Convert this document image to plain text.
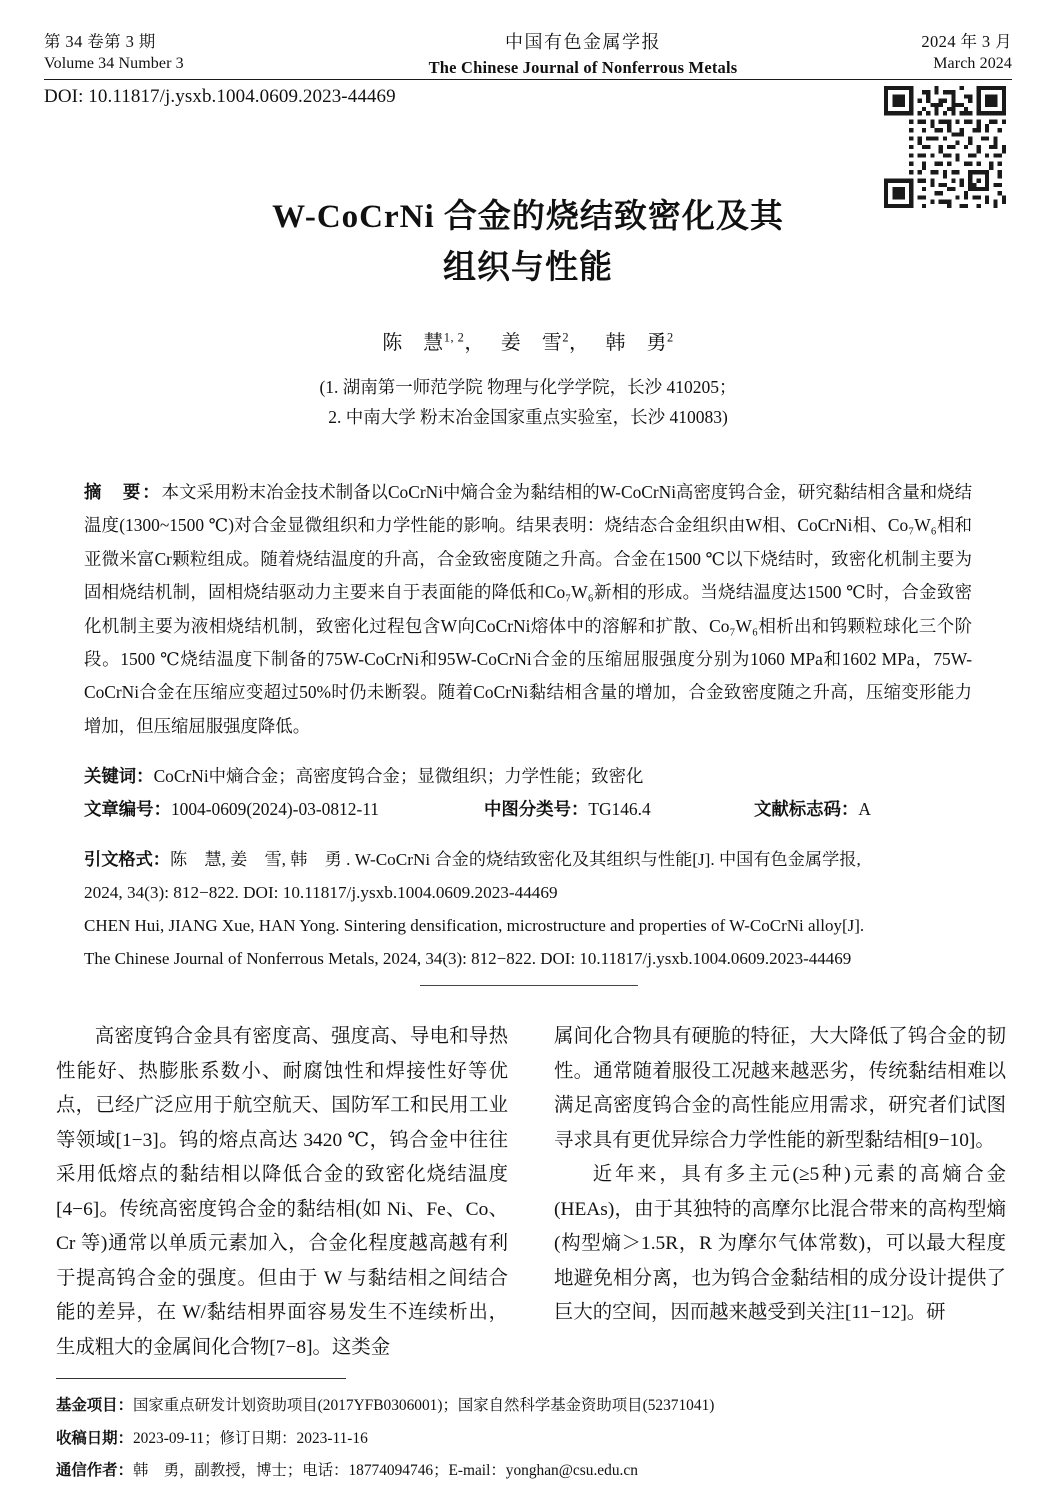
第 34 卷第 3 期
Volume 34 Number 3
中国有色金属学报
The Chinese Journal of Nonferrous Metals
2024 年 3 月
March 2024
DOI: 10.11817/j.ysxb.1004.0609.2023-44469
W-CoCrNi 合金的烧结致密化及其
组织与性能
陈　慧$^{1, 2}$， 姜　雪$^2$， 韩　勇$^2$
(1. 湖南第一师范学院 物理与化学学院，长沙 410205；
2. 中南大学 粉末冶金国家重点实验室，长沙 410083)
摘　要：本文采用粉末冶金技术制备以CoCrNi中熵合金为黏结相的W-CoCrNi高密度钨合金，研究黏结相含量和烧结温度(1300~1500 ℃)对合金显微组织和力学性能的影响。结果表明：烧结态合金组织由W相、CoCrNi相、Co₇W₆相和亚微米富Cr颗粒组成。随着烧结温度的升高，合金致密度随之升高。合金在1500 ℃以下烧结时，致密化机制主要为固相烧结机制，固相烧结驱动力主要来自于表面能的降低和Co₇W₆新相的形成。当烧结温度达1500 ℃时，合金致密化机制主要为液相烧结机制，致密化过程包含W向CoCrNi熔体中的溶解和扩散、Co₇W₆相析出和钨颗粒球化三个阶段。1500 ℃烧结温度下制备的75W-CoCrNi和95W-CoCrNi合金的压缩屈服强度分别为1060 MPa和1602 MPa，75W-CoCrNi合金在压缩应变超过50%时仍未断裂。随着CoCrNi黏结相含量的增加，合金致密度随之升高，压缩变形能力增加，但压缩屈服强度降低。
关键词：CoCrNi中熵合金；高密度钨合金；显微组织；力学性能；致密化
文章编号：1004-0609(2024)-03-0812-11	中图分类号：TG146.4	文献标志码：A
引文格式：陈　慧, 姜　雪, 韩　勇 . W-CoCrNi 合金的烧结致密化及其组织与性能[J]. 中国有色金属学报,
2024, 34(3): 812−822. DOI: 10.11817/j.ysxb.1004.0609.2023-44469
CHEN Hui, JIANG Xue, HAN Yong. Sintering densification, microstructure and properties of W-CoCrNi alloy[J].
The Chinese Journal of Nonferrous Metals, 2024, 34(3): 812−822. DOI: 10.11817/j.ysxb.1004.0609.2023-44469

高密度钨合金具有密度高、强度高、导电和导热性能好、热膨胀系数小、耐腐蚀性和焊接性好等优点，已经广泛应用于航空航天、国防军工和民用工业等领域[1−3]。钨的熔点高达 3420 ℃，钨合金中往往采用低熔点的黏结相以降低合金的致密化烧结温度[4−6]。传统高密度钨合金的黏结相(如 Ni、Fe、Co、Cr 等)通常以单质元素加入，合金化程度越高越有利于提高钨合金的强度。但由于 W 与黏结相之间结合能的差异，在 W/黏结相界面容易发生不连续析出，生成粗大的金属间化合物[7−8]。这类金

属间化合物具有硬脆的特征，大大降低了钨合金的韧性。通常随着服役工况越来越恶劣，传统黏结相难以满足高密度钨合金的高性能应用需求，研究者们试图寻求具有更优异综合力学性能的新型黏结相[9−10]。

近年来，具有多主元(≥5种)元素的高熵合金(HEAs)，由于其独特的高摩尔比混合带来的高构型熵(构型熵＞1.5R，R 为摩尔气体常数)，可以最大程度地避免相分离，也为钨合金黏结相的成分设计提供了巨大的空间，因而越来越受到关注[11−12]。研

基金项目：国家重点研发计划资助项目(2017YFB0306001)；国家自然科学基金资助项目(52371041)
收稿日期：2023-09-11；修订日期：2023-11-16
通信作者：韩　勇，副教授，博士；电话：18774094746；E-mail：yonghan@csu.edu.cn
